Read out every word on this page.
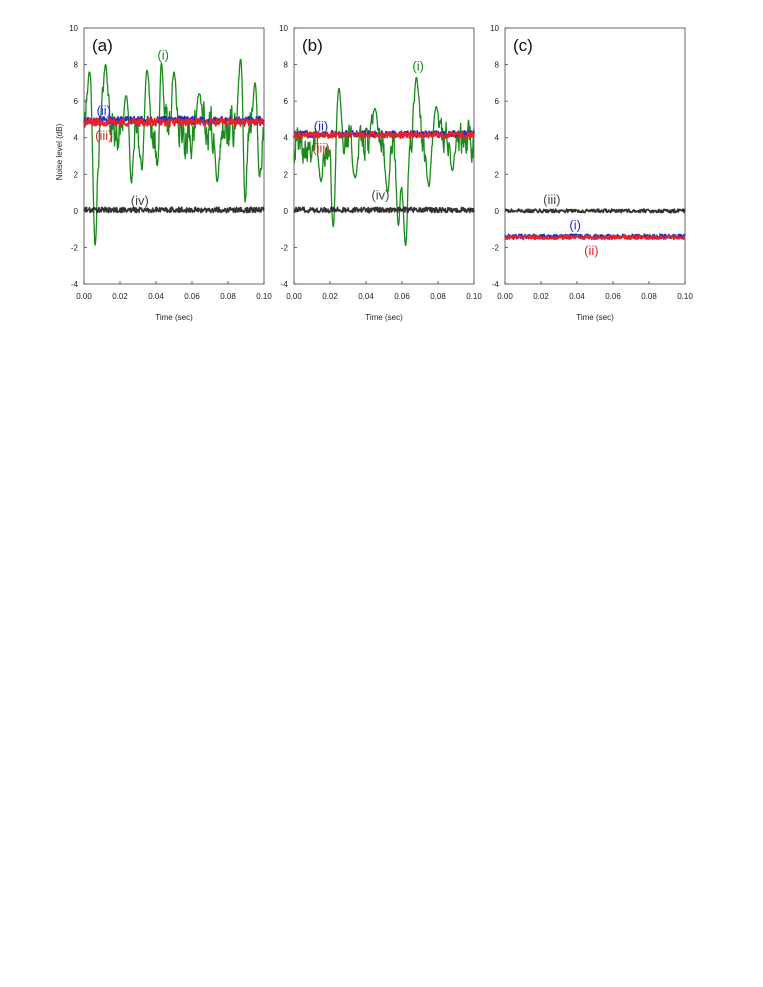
10
8
6
4
2
0
-2
-4
0.00	0.02	0.04	0.06	0.08	0.10
Time (sec)
Noise level (dB)
(i)
(ii)
(iii)
(iv)
(a)
10
8
6
4
2
0
-2
-4
0.00	0.02	0.04	0.06	0.08	0.10
Time (sec)
(i)
(ii)
(iii)
(iv)
(b)
10
8
6
4
2
0
-2
-4
0.00	0.02	0.04	0.06	0.08	0.10
Time (sec)
(iii)
(i)
(ii)
(c)
